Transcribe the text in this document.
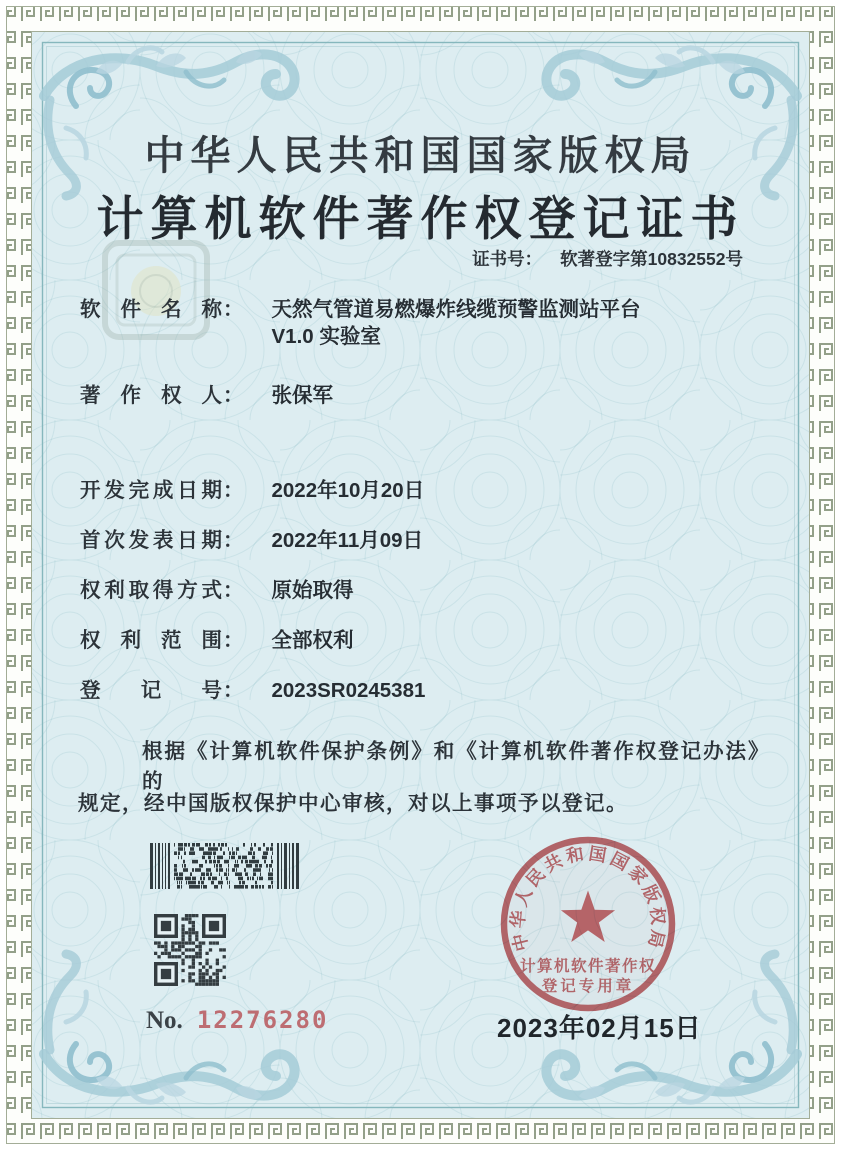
中华人民共和国国家版权局
计算机软件著作权登记证书
证书号： 软著登字第10832552号
软件名称 ： 天然气管道易燃爆炸线缆预警监测站平台
V1.0 实验室
著作权人 ： 张保军
开发完成日期 ： 2022年10月20日
首次发表日期 ： 2022年11月09日
权利取得方式 ： 原始取得
权利范围 ： 全部权利
登记号 ： 2023SR0245381
根据《计算机软件保护条例》和《计算机软件著作权登记办法》的
规定，经中国版权保护中心审核，对以上事项予以登记。
No. 12276280
中华人民共和国国家版权局
计算机软件著作权
登记专用章
2023年02月15日
